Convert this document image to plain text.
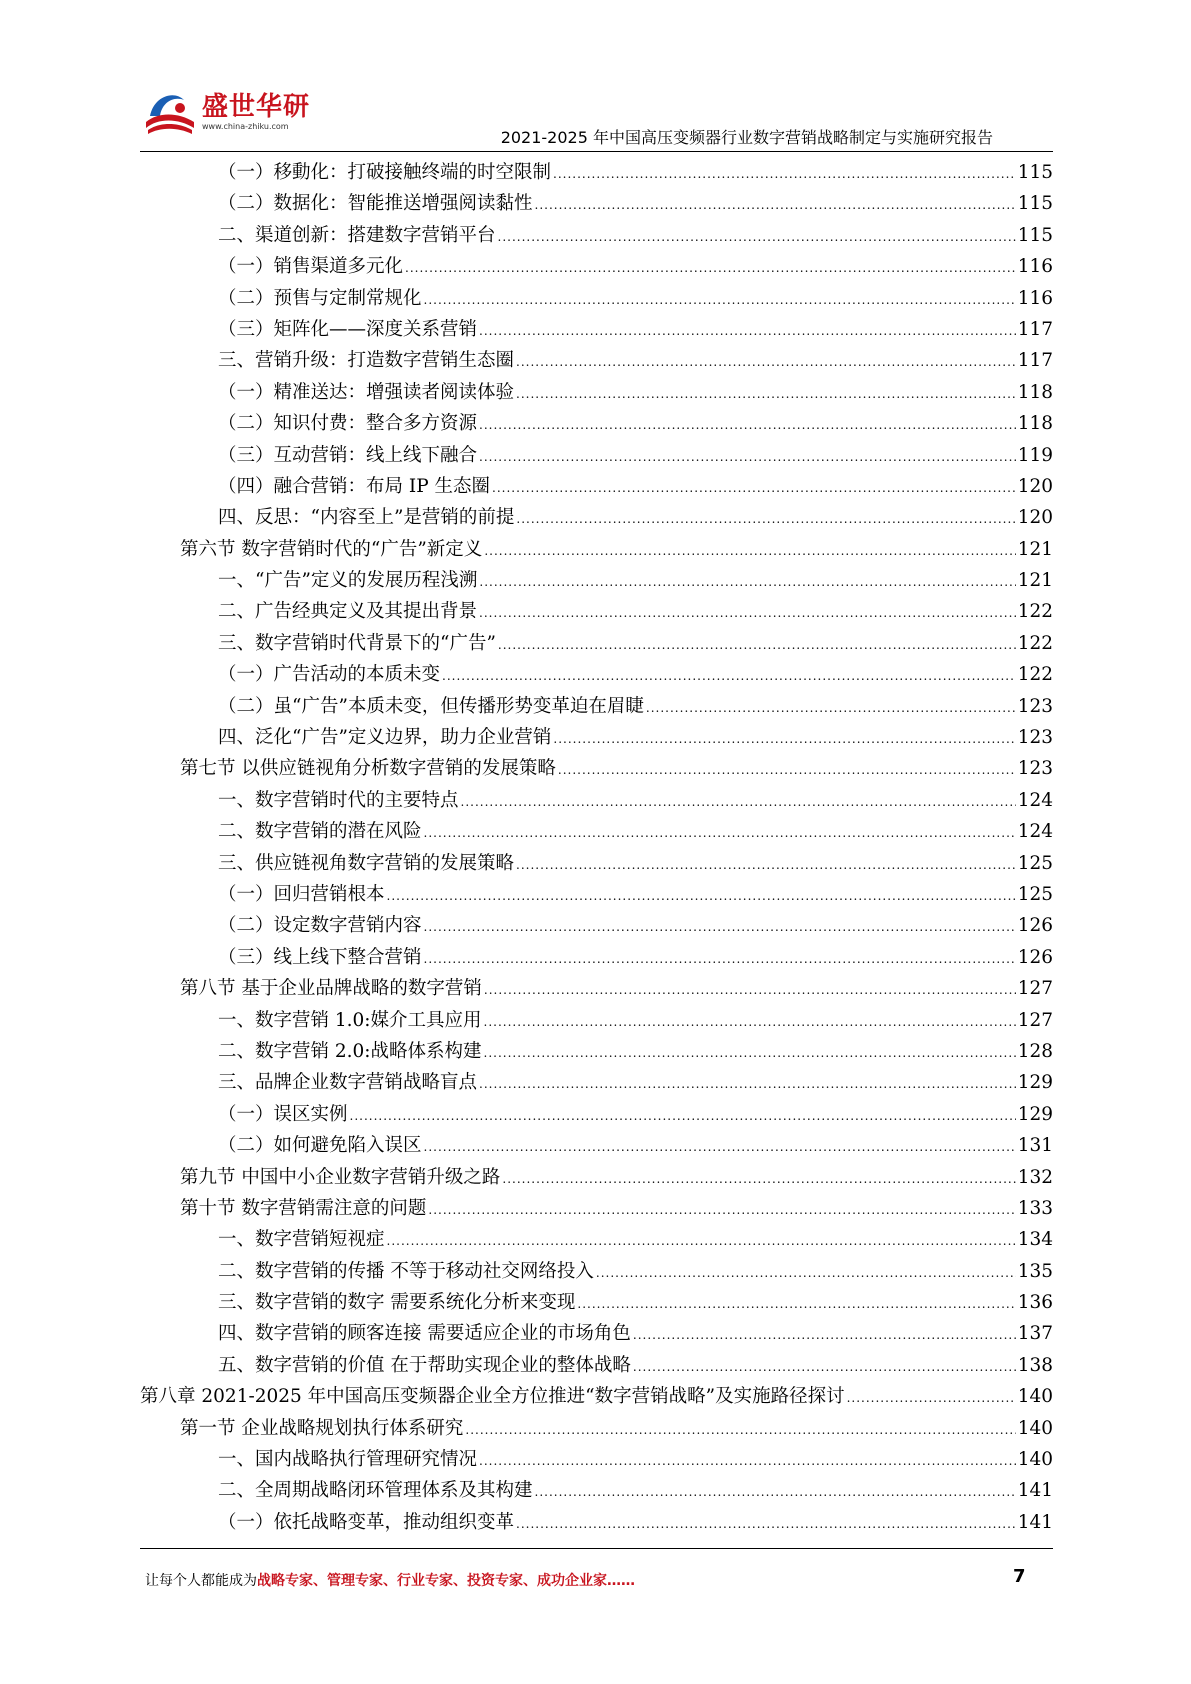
盛世华研
www.china-zhiku.com
2021-2025 年中国高压变频器行业数字营销战略制定与实施研究报告
（一）移動化：打破接触终端的时空限制 .....	115
（二）数据化：智能推送增强阅读黏性 .....	115
二、渠道创新：搭建数字营销平台 .....	115
（一）销售渠道多元化 .....	116
（二）预售与定制常规化 .....	116
（三）矩阵化——深度关系营销 .....	117
三、营销升级：打造数字营销生态圈 .....	117
（一）精准送达：增强读者阅读体验 .....	118
（二）知识付费：整合多方资源 .....	118
（三）互动营销：线上线下融合 .....	119
（四）融合营销：布局 IP 生态圈 .....	120
四、反思：“内容至上”是营销的前提 .....	120
第六节 数字营销时代的“广告”新定义 .....	121
一、“广告”定义的发展历程浅溯 .....	121
二、广告经典定义及其提出背景 .....	122
三、数字营销时代背景下的“广告” .....	122
（一）广告活动的本质未变 .....	122
（二）虽“广告”本质未变，但传播形势变革迫在眉睫 .....	123
四、泛化“广告”定义边界，助力企业营销 .....	123
第七节 以供应链视角分析数字营销的发展策略 .....	123
一、数字营销时代的主要特点 .....	124
二、数字营销的潜在风险 .....	124
三、供应链视角数字营销的发展策略 .....	125
（一）回归营销根本 .....	125
（二）设定数字营销内容 .....	126
（三）线上线下整合营销 .....	126
第八节 基于企业品牌战略的数字营销 .....	127
一、数字营销 1.0:媒介工具应用 .....	127
二、数字营销 2.0:战略体系构建 .....	128
三、品牌企业数字营销战略盲点 .....	129
（一）误区实例 .....	129
（二）如何避免陷入误区 .....	131
第九节 中国中小企业数字营销升级之路 .....	132
第十节 数字营销需注意的问题 .....	133
一、数字营销短视症 .....	134
二、数字营销的传播 不等于移动社交网络投入 .....	135
三、数字营销的数字 需要系统化分析来变现 .....	136
四、数字营销的顾客连接 需要适应企业的市场角色 .....	137
五、数字营销的价值 在于帮助实现企业的整体战略 .....	138
第八章 2021-2025 年中国高压变频器企业全方位推进“数字营销战略”及实施路径探讨 .....	140
第一节 企业战略规划执行体系研究 .....	140
一、国内战略执行管理研究情况 .....	140
二、全周期战略闭环管理体系及其构建 .....	141
（一）依托战略变革，推动组织变革 .....	141
让每个人都能成为战略专家、管理专家、行业专家、投资专家、成功企业家……	7
